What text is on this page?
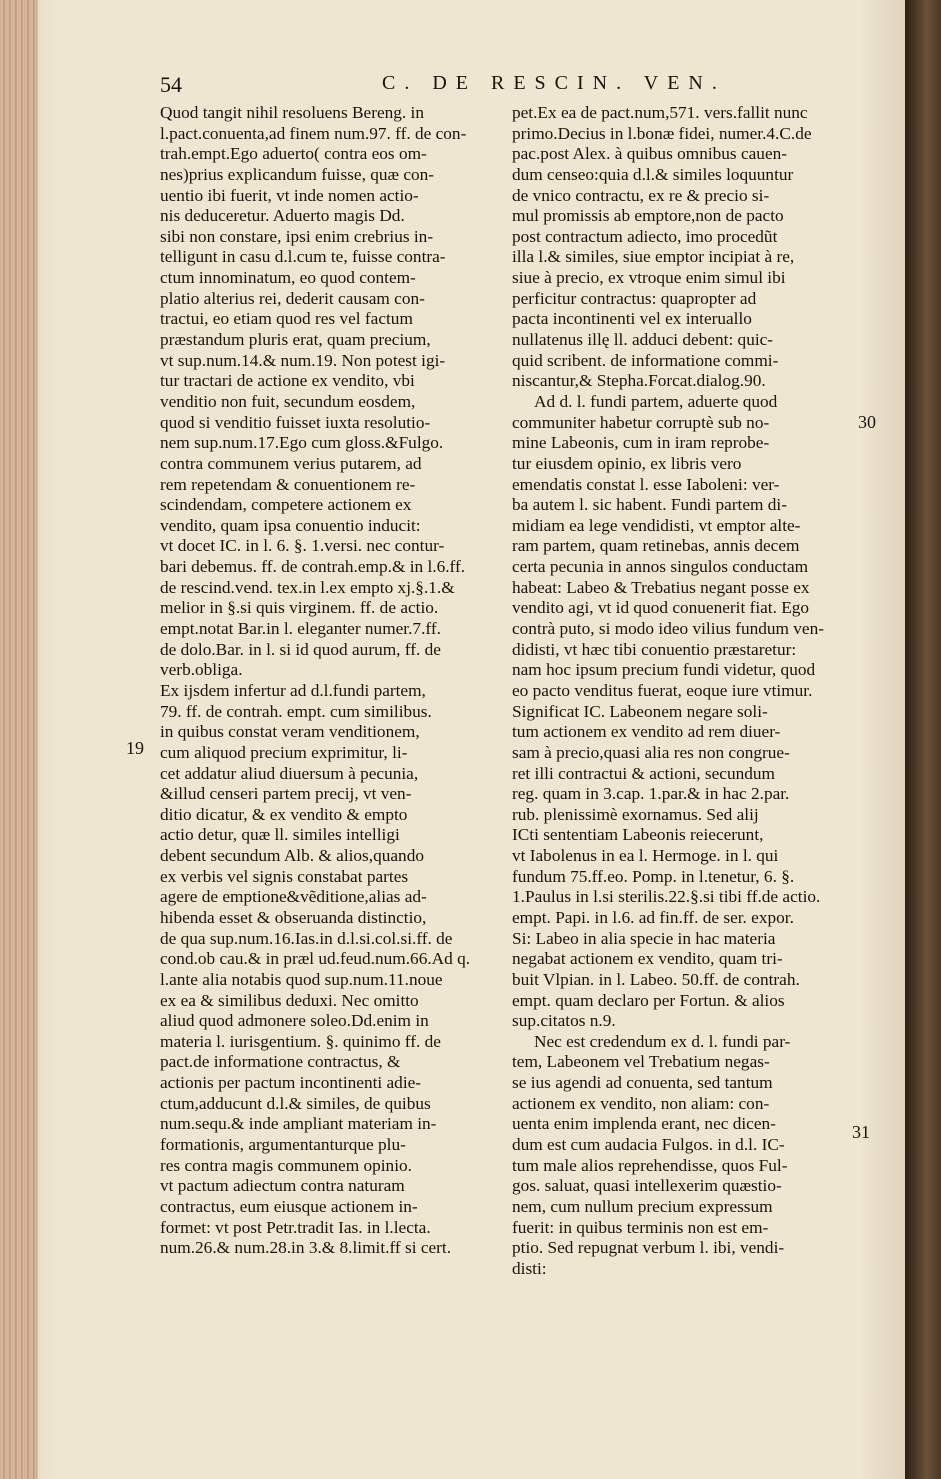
54	C. DE RESCIN. VEN.
Quod tangit nihil resoluens Bereng. in
l.pact.conuenta,ad finem num.97. ff. de con-
trah.empt.Ego aduerto( contra eos om-
nes)prius explicandum fuisse, quæ con-
uentio ibi fuerit, vt inde nomen actio-
nis deduceretur. Aduerto magis Dd.
sibi non constare, ipsi enim crebrius in-
telligunt in casu d.l.cum te, fuisse contra-
ctum innominatum, eo quod contem-
platio alterius rei, dederit causam con-
tractui, eo etiam quod res vel factum
præstandum pluris erat, quam precium,
vt sup.num.14.& num.19. Non potest igi-
tur tractari de actione ex vendito, vbi
venditio non fuit, secundum eosdem,
quod si venditio fuisset iuxta resolutio-
nem sup.num.17.Ego cum gloss.&Fulgo.
contra communem verius putarem, ad
rem repetendam & conuentionem re-
scindendam, competere actionem ex
vendito, quam ipsa conuentio inducit:
vt docet IC. in l. 6. §. 1.versi. nec contur-
bari debemus. ff. de contrah.emp.& in l.6.ff.
de rescind.vend. tex.in l.ex empto xj.§.1.&
melior in §.si quis virginem. ff. de actio.
empt.notat Bar.in l. eleganter numer.7.ff.
de dolo.Bar. in l. si id quod aurum, ff. de
verb.obliga.
Ex ijsdem infertur ad d.l.fundi partem,
79. ff. de contrah. empt. cum similibus.
in quibus constat veram venditionem,
cum aliquod precium exprimitur, li-
cet addatur aliud diuersum à pecunia,
&illud censeri partem precij, vt ven-
ditio dicatur, & ex vendito & empto
actio detur, quæ ll. similes intelligi
debent secundum Alb. & alios,quando
ex verbis vel signis constabat partes
agere de emptione&vẽditione,alias ad-
hibenda esset & obseruanda distinctio,
de qua sup.num.16.Ias.in d.l.si.col.si.ff. de
cond.ob cau.& in præl ud.feud.num.66.Ad q.
l.ante alia notabis quod sup.num.11.noue
ex ea & similibus deduxi. Nec omitto
aliud quod admonere soleo.Dd.enim in
materia l. iurisgentium. §. quinimo ff. de
pact.de informatione contractus, &
actionis per pactum incontinenti adie-
ctum,adducunt d.l.& similes, de quibus
num.sequ.& inde ampliant materiam in-
formationis, argumentanturque plu-
res contra magis communem opinio.
vt pactum adiectum contra naturam
contractus, eum eiusque actionem in-
formet: vt post Petr.tradit Ias. in l.lecta.
num.26.& num.28.in 3.& 8.limit.ff si cert.
pet.Ex ea de pact.num,571. vers.fallit nunc
primo.Decius in l.bonæ fidei, numer.4.C.de
pac.post Alex. à quibus omnibus cauen-
dum censeo:quia d.l.& similes loquuntur
de vnico contractu, ex re & precio si-
mul promissis ab emptore,non de pacto
post contractum adiecto, imo procedũt
illa l.& similes, siue emptor incipiat à re,
siue à precio, ex vtroque enim simul ibi
perficitur contractus: quapropter ad
pacta incontinenti vel ex interuallo
nullatenus illę ll. adduci debent: quic-
quid scribent. de informatione commi-
niscantur,& Stepha.Forcat.dialog.90.
Ad d. l. fundi partem, aduerte quod
communiter habetur corruptè sub no-
mine Labeonis, cum in iram reprobe-
tur eiusdem opinio, ex libris vero
emendatis constat l. esse Iaboleni: ver-
ba autem l. sic habent. Fundi partem di-
midiam ea lege vendidisti, vt emptor alte-
ram partem, quam retinebas, annis decem
certa pecunia in annos singulos conductam
habeat: Labeo & Trebatius negant posse ex
vendito agi, vt id quod conuenerit fiat. Ego
contrà puto, si modo ideo vilius fundum ven-
didisti, vt hæc tibi conuentio præstaretur:
nam hoc ipsum precium fundi videtur, quod
eo pacto venditus fuerat, eoque iure vtimur.
Significat IC. Labeonem negare soli-
tum actionem ex vendito ad rem diuer-
sam à precio,quasi alia res non congrue-
ret illi contractui & actioni, secundum
reg. quam in 3.cap. 1.par.& in hac 2.par.
rub. plenissimè exornamus. Sed alij
ICti sententiam Labeonis reiecerunt,
vt Iabolenus in ea l. Hermoge. in l. qui
fundum 75.ff.eo. Pomp. in l.tenetur, 6. §.
1.Paulus in l.si sterilis.22.§.si tibi ff.de actio.
empt. Papi. in l.6. ad fin.ff. de ser. expor.
Si: Labeo in alia specie in hac materia
negabat actionem ex vendito, quam tri-
buit Vlpian. in l. Labeo. 50.ff. de contrah.
empt. quam declaro per Fortun. & alios
sup.citatos n.9.
Nec est credendum ex d. l. fundi par-
tem, Labeonem vel Trebatium negas-
se ius agendi ad conuenta, sed tantum
actionem ex vendito, non aliam: con-
uenta enim implenda erant, nec dicen-
dum est cum audacia Fulgos. in d.l. IC-
tum male alios reprehendisse, quos Ful-
gos. saluat, quasi intellexerim quæstio-
nem, cum nullum precium expressum
fuerit: in quibus terminis non est em-
ptio. Sed repugnat verbum l. ibi, vendi-
disti:
19
30
31
